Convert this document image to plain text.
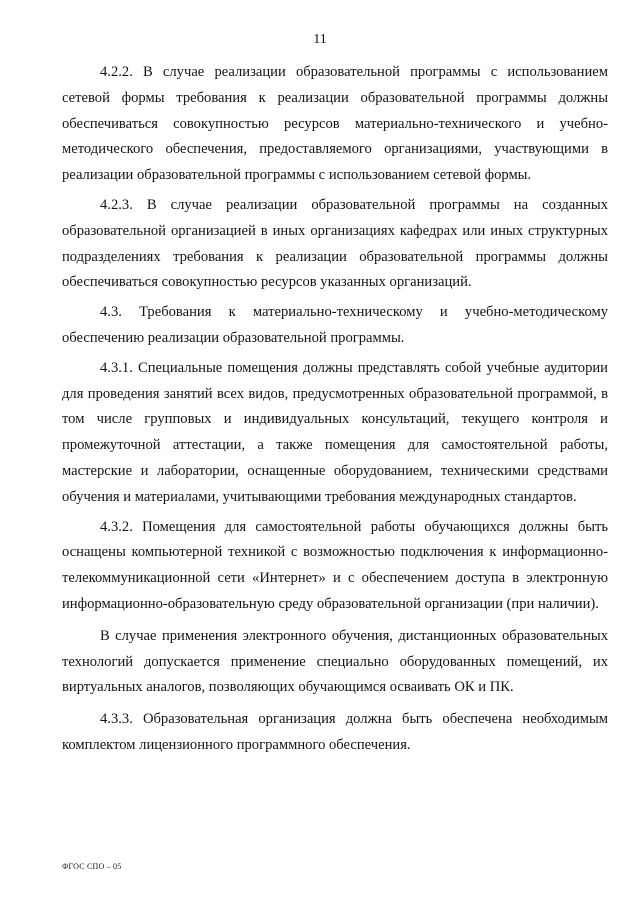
11

4.2.2. В случае реализации образовательной программы с использованием сетевой формы требования к реализации образовательной программы должны обеспечиваться совокупностью ресурсов материально-технического и учебно-методического обеспечения, предоставляемого организациями, участвующими в реализации образовательной программы с использованием сетевой формы.

4.2.3. В случае реализации образовательной программы на созданных образовательной организацией в иных организациях кафедрах или иных структурных подразделениях требования к реализации образовательной программы должны обеспечиваться совокупностью ресурсов указанных организаций.

4.3. Требования к материально-техническому и учебно-методическому обеспечению реализации образовательной программы.

4.3.1. Специальные помещения должны представлять собой учебные аудитории для проведения занятий всех видов, предусмотренных образовательной программой, в том числе групповых и индивидуальных консультаций, текущего контроля и промежуточной аттестации, а также помещения для самостоятельной работы, мастерские и лаборатории, оснащенные оборудованием, техническими средствами обучения и материалами, учитывающими требования международных стандартов.

4.3.2. Помещения для самостоятельной работы обучающихся должны быть оснащены компьютерной техникой с возможностью подключения к информационно-телекоммуникационной сети «Интернет» и с обеспечением доступа в электронную информационно-образовательную среду образовательной организации (при наличии).

В случае применения электронного обучения, дистанционных образовательных технологий допускается применение специально оборудованных помещений, их виртуальных аналогов, позволяющих обучающимся осваивать ОК и ПК.

4.3.3. Образовательная организация должна быть обеспечена необходимым комплектом лицензионного программного обеспечения.

ФГОС СПО – 05
